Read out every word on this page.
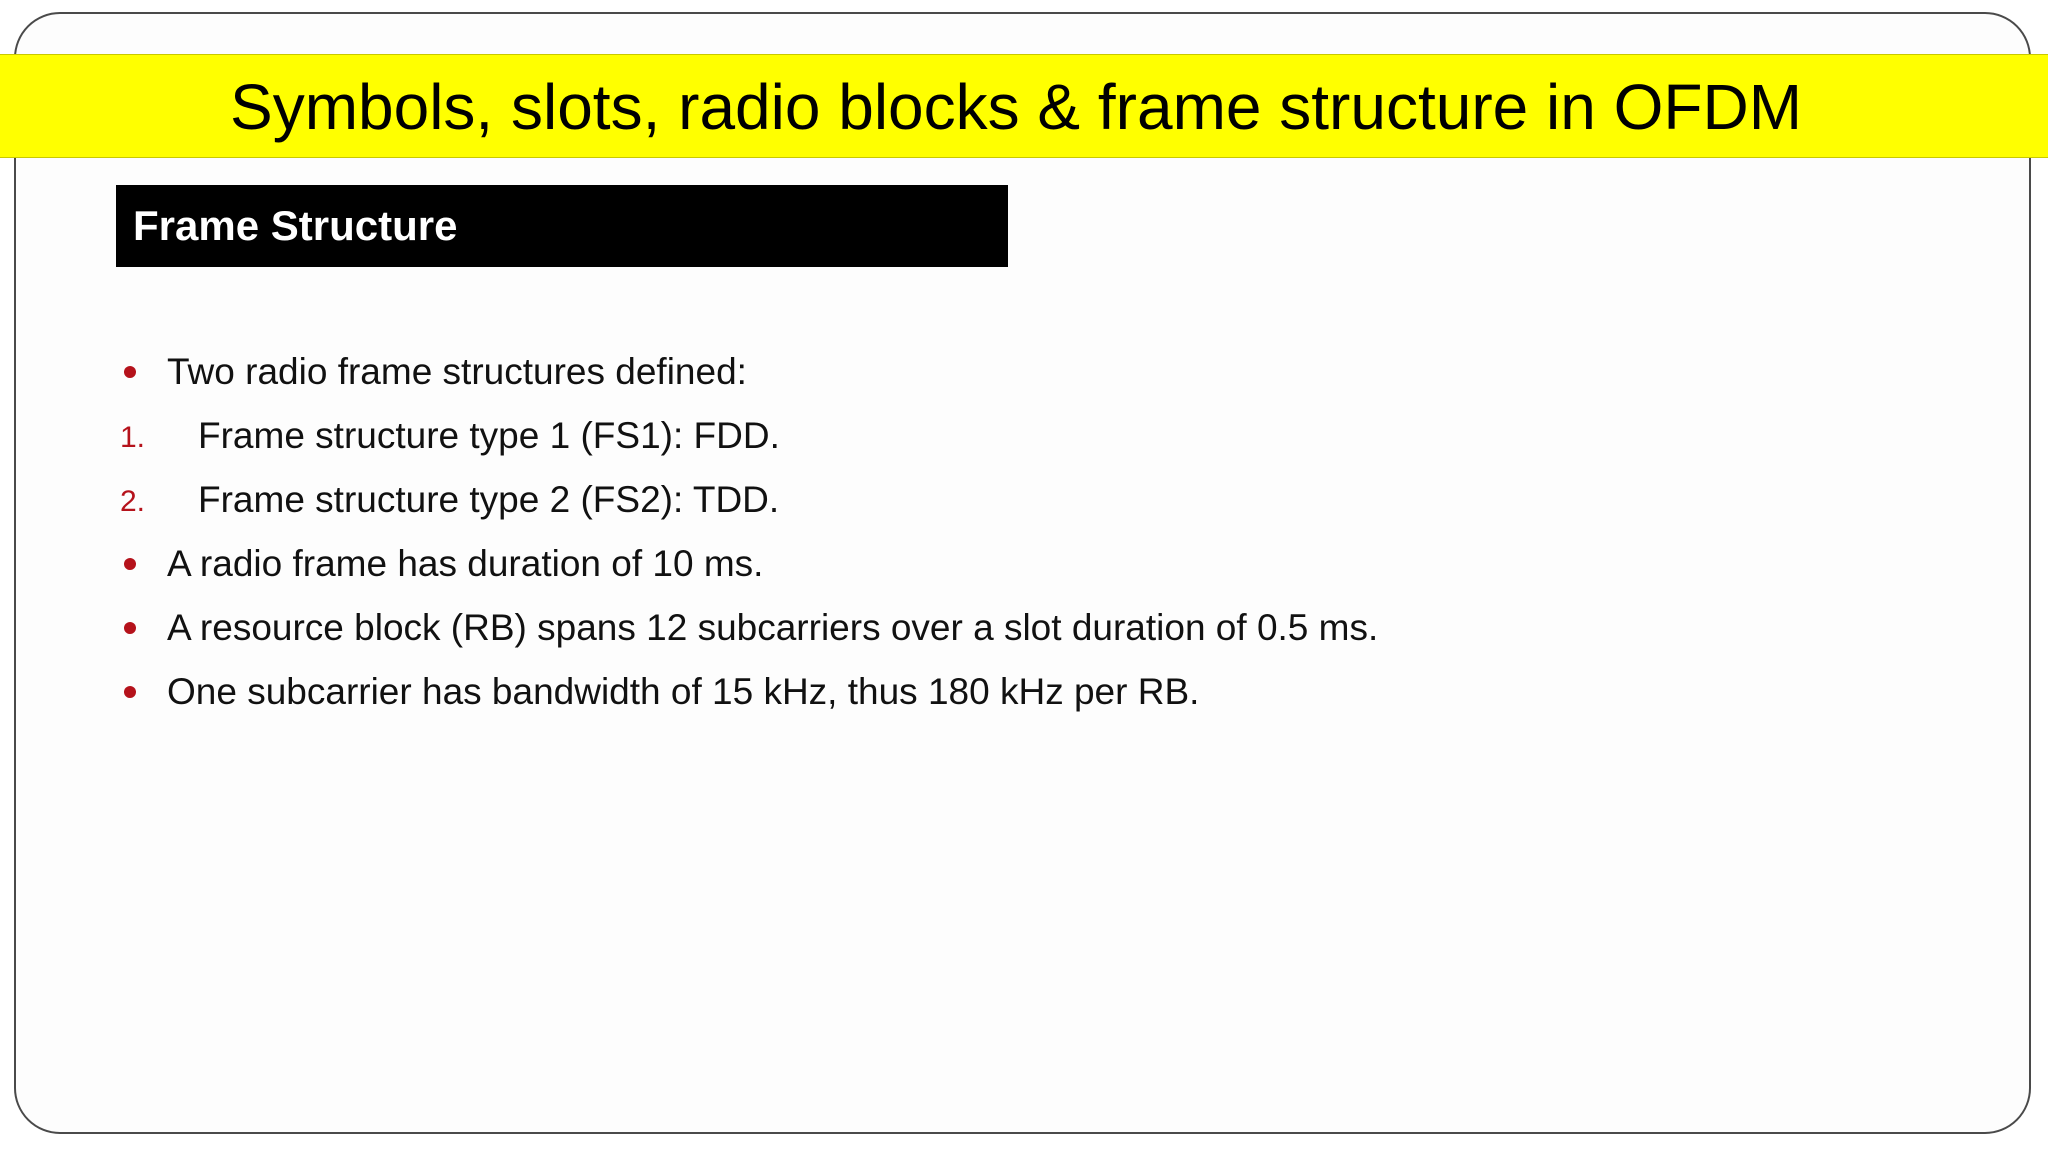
Symbols, slots, radio blocks & frame structure in OFDM
Frame Structure
Two radio frame structures defined:
1. Frame structure type 1 (FS1): FDD.
2. Frame structure type 2 (FS2): TDD.
A radio frame has duration of 10 ms.
A resource block (RB) spans 12 subcarriers over a slot duration of 0.5 ms.
One subcarrier has bandwidth of 15 kHz, thus 180 kHz per RB.
